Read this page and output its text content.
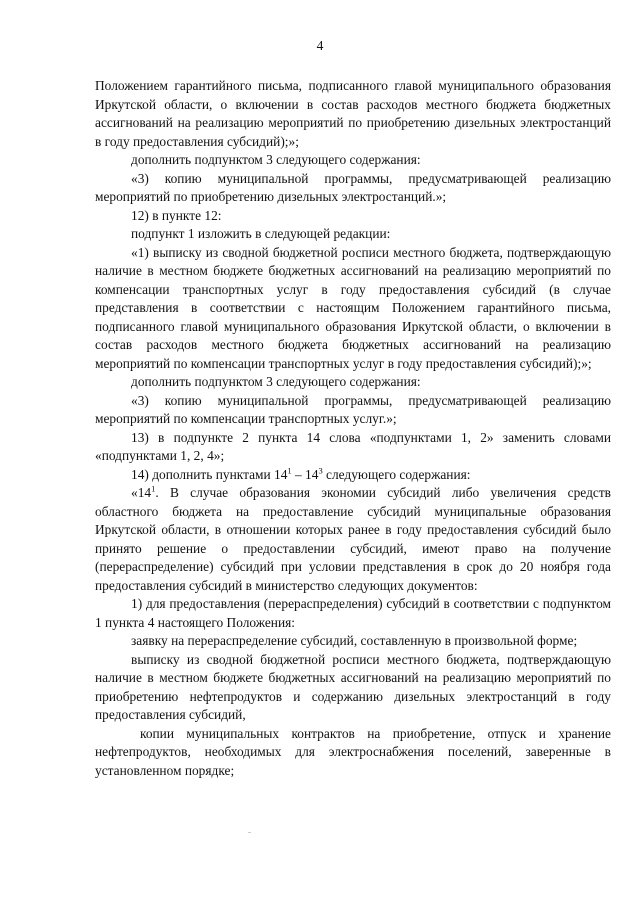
4

Положением гарантийного письма, подписанного главой муниципального образования Иркутской области, о включении в состав расходов местного бюджета бюджетных ассигнований на реализацию мероприятий по приобретению дизельных электростанций в году предоставления субсидий);»;

дополнить подпунктом 3 следующего содержания:

«3) копию муниципальной программы, предусматривающей реализацию мероприятий по приобретению дизельных электростанций.»;

12) в пункте 12:

подпункт 1 изложить в следующей редакции:

«1) выписку из сводной бюджетной росписи местного бюджета, подтверждающую наличие в местном бюджете бюджетных ассигнований на реализацию мероприятий по компенсации транспортных услуг в году предоставления субсидий (в случае представления в соответствии с настоящим Положением гарантийного письма, подписанного главой муниципального образования Иркутской области, о включении в состав расходов местного бюджета бюджетных ассигнований на реализацию мероприятий по компенсации транспортных услуг в году предоставления субсидий);»;

дополнить подпунктом 3 следующего содержания:

«3) копию муниципальной программы, предусматривающей реализацию мероприятий по компенсации транспортных услуг.»;

13) в подпункте 2 пункта 14 слова «подпунктами 1, 2» заменить словами «подпунктами 1, 2, 4»;

14) дополнить пунктами $14^1 - 14^3$ следующего содержания:

«$14^1$. В случае образования экономии субсидий либо увеличения средств областного бюджета на предоставление субсидий муниципальные образования Иркутской области, в отношении которых ранее в году предоставления субсидий было принято решение о предоставлении субсидий, имеют право на получение (перераспределение) субсидий при условии представления в срок до 20 ноября года предоставления субсидий в министерство следующих документов:

1) для предоставления (перераспределения) субсидий в соответствии с подпунктом 1 пункта 4 настоящего Положения:

заявку на перераспределение субсидий, составленную в произвольной форме;

выписку из сводной бюджетной росписи местного бюджета, подтверждающую наличие в местном бюджете бюджетных ассигнований на реализацию мероприятий по приобретению нефтепродуктов и содержанию дизельных электростанций в году предоставления субсидий,

копии муниципальных контрактов на приобретение, отпуск и хранение нефтепродуктов, необходимых для электроснабжения поселений, заверенные в установленном порядке;
